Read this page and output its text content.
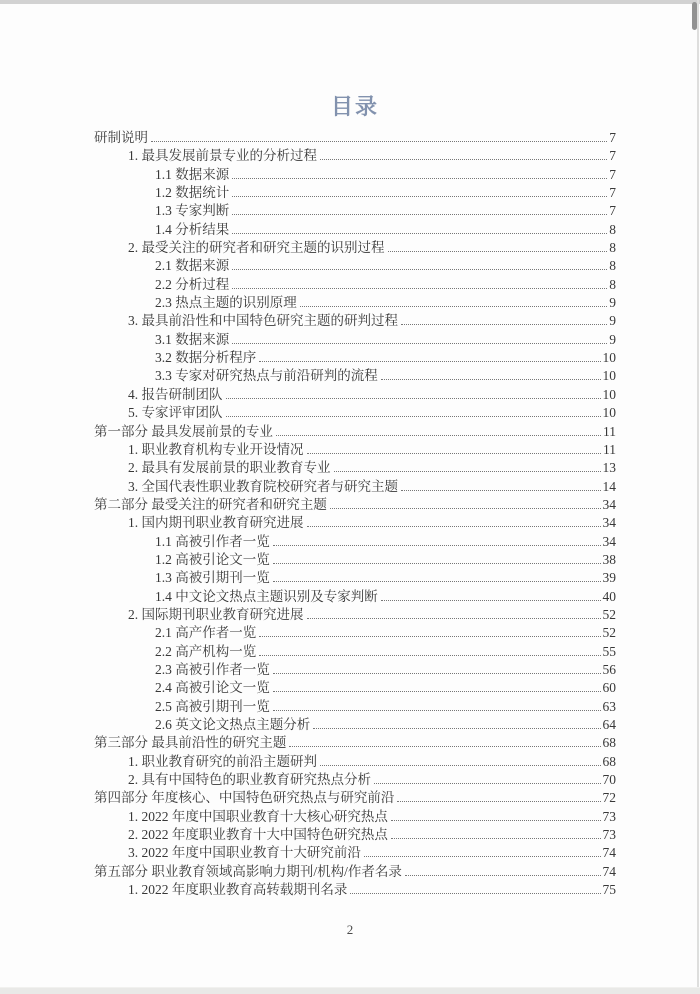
目录
研制说明	7
1. 最具发展前景专业的分析过程	7
1.1 数据来源	7
1.2 数据统计	7
1.3 专家判断	7
1.4 分析结果	8
2. 最受关注的研究者和研究主题的识别过程	8
2.1 数据来源	8
2.2 分析过程	8
2.3 热点主题的识别原理	9
3. 最具前沿性和中国特色研究主题的研判过程	9
3.1 数据来源	9
3.2 数据分析程序	10
3.3 专家对研究热点与前沿研判的流程	10
4. 报告研制团队	10
5. 专家评审团队	10
第一部分 最具发展前景的专业	11
1. 职业教育机构专业开设情况	11
2. 最具有发展前景的职业教育专业	13
3. 全国代表性职业教育院校研究者与研究主题	14
第二部分 最受关注的研究者和研究主题	34
1. 国内期刊职业教育研究进展	34
1.1 高被引作者一览	34
1.2 高被引论文一览	38
1.3 高被引期刊一览	39
1.4 中文论文热点主题识别及专家判断	40
2. 国际期刊职业教育研究进展	52
2.1 高产作者一览	52
2.2 高产机构一览	55
2.3 高被引作者一览	56
2.4 高被引论文一览	60
2.5 高被引期刊一览	63
2.6 英文论文热点主题分析	64
第三部分 最具前沿性的研究主题	68
1. 职业教育研究的前沿主题研判	68
2. 具有中国特色的职业教育研究热点分析	70
第四部分 年度核心、中国特色研究热点与研究前沿	72
1. 2022 年度中国职业教育十大核心研究热点	73
2. 2022 年度职业教育十大中国特色研究热点	73
3. 2022 年度中国职业教育十大研究前沿	74
第五部分 职业教育领域高影响力期刊/机构/作者名录	74
1. 2022 年度职业教育高转载期刊名录	75
2
